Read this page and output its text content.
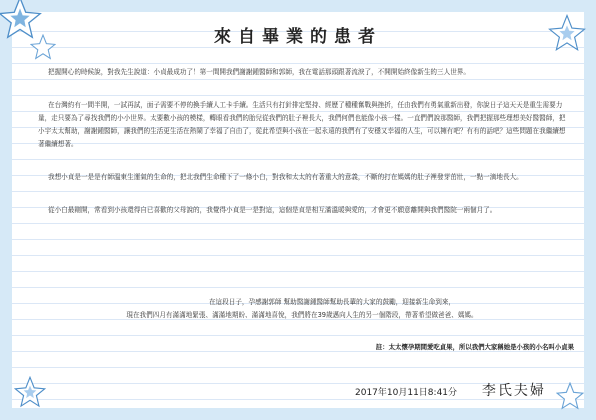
來自畢業的患者

把握開心的時候說，對我先生說道：小貞最成功了！第一間開我們謝謝鍾醫師和郭師，我在電話那頭跟著流淚了，不開開始終像新生的三人世界。

在台灣約有一間半開，一試再試，面子需要不停的換手續人工卡手續。生活只有打針排定堅持、經歷了種種奮戰與挫折，任由我們有勇氣重新出發，你說日子這天天是重生需要力量，走只要為了尋找我們的小小世界。太要數小孩的模樣，轉眼看我們的胎兒從我們的肚子裡長大，我們何們也能像小孩一樣。一直們們說那醫師，我們把握那些理想美好醫醫師，把小宇太太幫助，謝謝鍾醫師，讓我們的生活更生活在熱鬧了幸福了自由了，從此希望與小孩在一起永遠的我們有了安穩又幸福的人生，可以擁有吧？有有的話吧？這些問題在我繼續想著繼續想著。

我想小貞是一是是有師溫東生運氣的生命的，把北我們生命種下了一條小白，對我和太太的有著重大的意義，不斷的打在媽媽的肚子裡發芽茁壯，一點一滴地長大。

從小白最剛開，常看到小孩還得自已喜歡的父母說的，我覺得小貞是一是對這，這個是貞是相互滿溫暖與愛的，才會更不願意離開與我們醫院一兩個月了。

在這段日子，孕感謝郭師 幫助醫謝鍾醫師幫助長輩的大家的鼓勵，迎接新生命到來，
現在我們四月有滿滿地緊張、滿滿地期盼、滿滿地喜悅，我們將在39歲邁向人生的另一個階段，帶著希望做爸爸、媽媽。
註：太太懷孕期間愛吃貞果，所以我們大家稱她是小孩的小名叫小貞果
2017年10月11日8:41分 李氏夫婦
